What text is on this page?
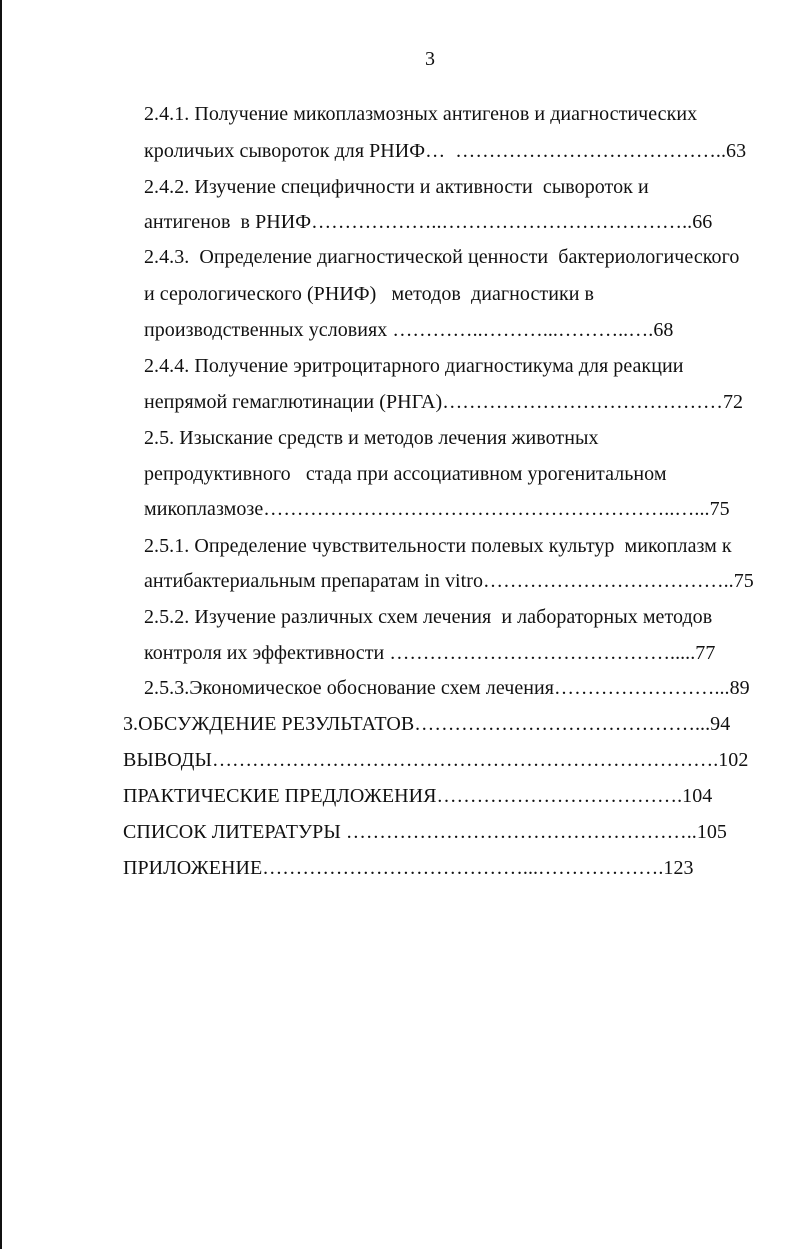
3
2.4.1. Получение микоплазмозных антигенов и диагностических
кроличьих сывороток для РНИФ…  …………………………………..63
2.4.2. Изучение специфичности и активности  сывороток и
антигенов  в РНИФ………………..………………………………..66
2.4.3.  Определение диагностической ценности  бактериологического
и серологического (РНИФ)   методов  диагностики в
производственных условиях …………..………...………..….68
2.4.4. Получение эритроцитарного диагностикума для реакции
непрямой гемаглютинации (РНГА)……………………………………72
2.5. Изыскание средств и методов лечения животных
репродуктивного   стада при ассоциативном урогенитальном
микоплазмозе……………………………………………………..…...75
2.5.1. Определение чувствительности полевых культур  микоплазм к
антибактериальным препаратам in vitro………………………………..75
2.5.2. Изучение различных схем лечения  и лабораторных методов
контроля их эффективности …………………………………….....77
2.5.3.Экономическое обоснование схем лечения……………………...89
3.ОБСУЖДЕНИЕ РЕЗУЛЬТАТОВ……………………………………...94
ВЫВОДЫ………………………………………………………………….102
ПРАКТИЧЕСКИЕ ПРЕДЛОЖЕНИЯ……………………………….104
СПИСОК ЛИТЕРАТУРЫ ……………………………………………..105
ПРИЛОЖЕНИЕ…………………………………...……………….123
